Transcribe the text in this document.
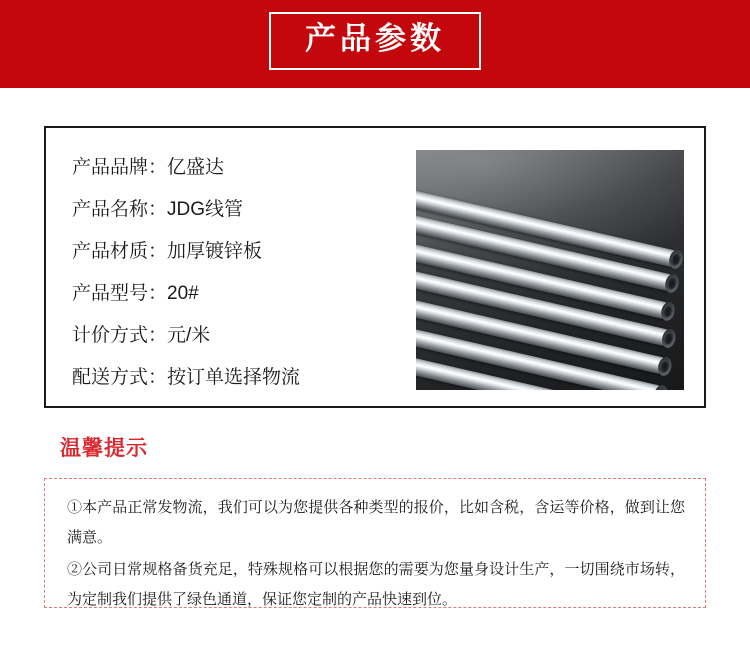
产品参数
产品品牌： 亿盛达
产品名称： JDG线管
产品材质： 加厚镀锌板
产品型号： 20#
计价方式： 元/米
配送方式： 按订单选择物流
温馨提示
①本产品正常发物流，我们可以为您提供各种类型的报价，比如含税，含运等价格，做到让您满意。
②公司日常规格备货充足，特殊规格可以根据您的需要为您量身设计生产，一切围绕市场转，为定制我们提供了绿色通道，保证您定制的产品快速到位。
